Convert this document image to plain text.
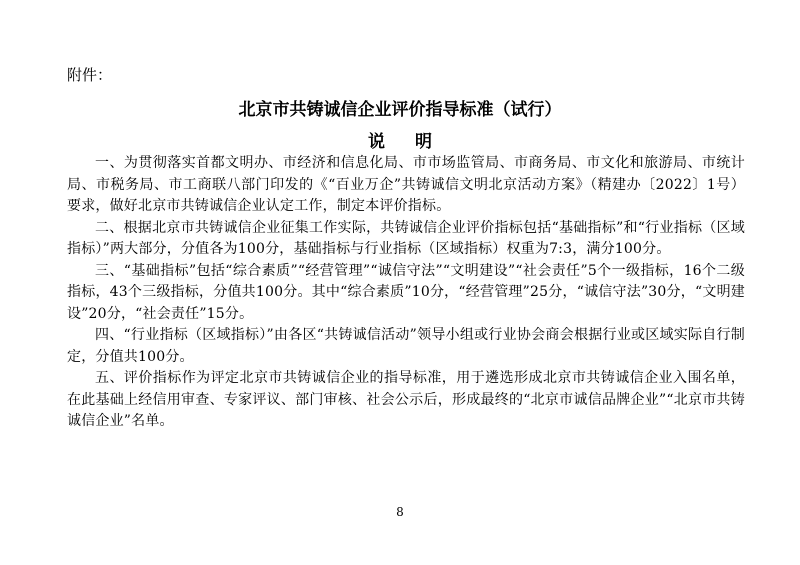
附件：
北京市共铸诚信企业评价指导标准（试行）
说明

一、为贯彻落实首都文明办、市经济和信息化局、市市场监管局、市商务局、市文化和旅游局、市统计局、市税务局、市工商联八部门印发的《“百业万企”共铸诚信文明北京活动方案》（精建办〔2022〕1号）要求，做好北京市共铸诚信企业认定工作，制定本评价指标。

二、根据北京市共铸诚信企业征集工作实际，共铸诚信企业评价指标包括“基础指标”和“行业指标（区域指标）”两大部分，分值各为100分，基础指标与行业指标（区域指标）权重为7:3，满分100分。

三、“基础指标”包括“综合素质”“经营管理”“诚信守法”“文明建设”“社会责任”5个一级指标，16个二级指标，43个三级指标，分值共100分。其中“综合素质”10分，“经营管理”25分，“诚信守法”30分，“文明建设”20分，“社会责任”15分。

四、“行业指标（区域指标）”由各区“共铸诚信活动”领导小组或行业协会商会根据行业或区域实际自行制定，分值共100分。

五、评价指标作为评定北京市共铸诚信企业的指导标准，用于遴选形成北京市共铸诚信企业入围名单，在此基础上经信用审查、专家评议、部门审核、社会公示后，形成最终的“北京市诚信品牌企业”“北京市共铸诚信企业”名单。

8
